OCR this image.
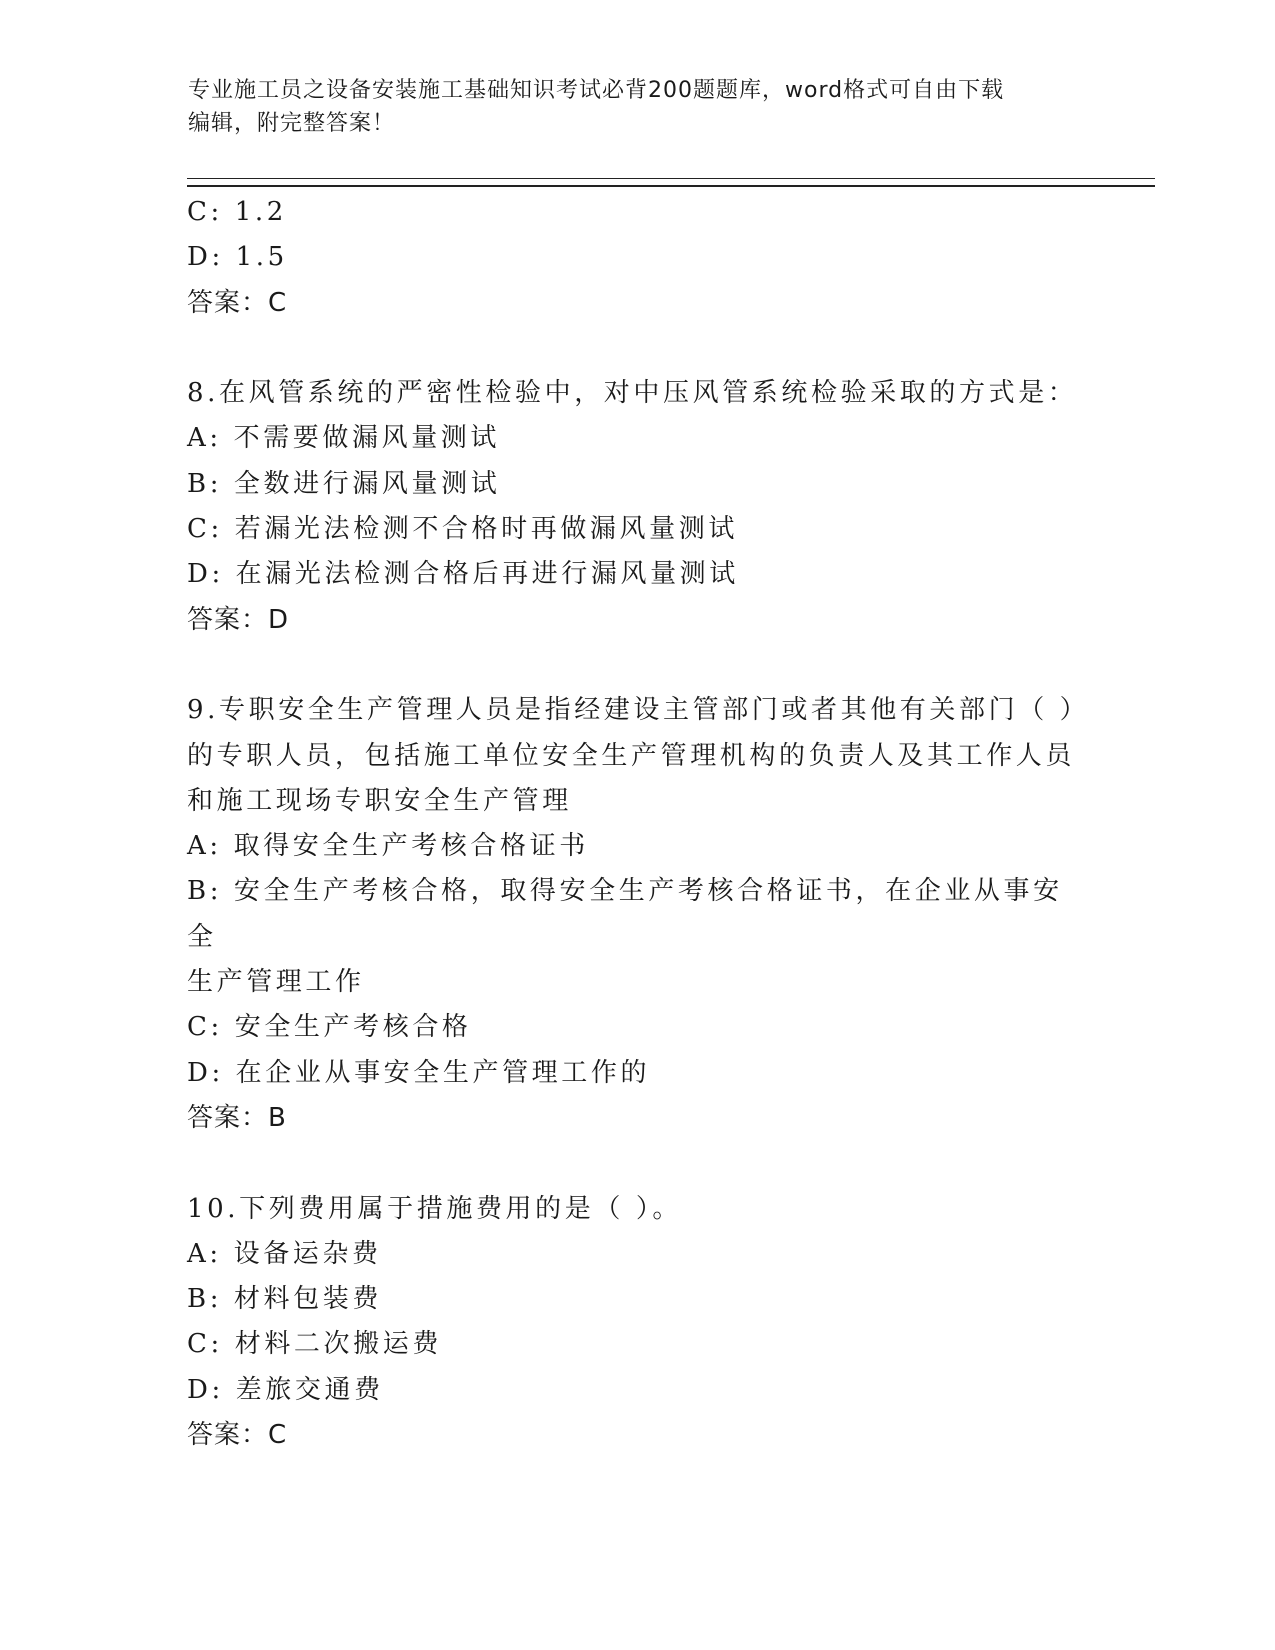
专业施工员之设备安装施工基础知识考试必背200题题库，word格式可自由下载
编辑，附完整答案！
C: 1.2
D: 1.5
答案：C
8.在风管系统的严密性检验中，对中压风管系统检验采取的方式是：
A: 不需要做漏风量测试
B: 全数进行漏风量测试
C: 若漏光法检测不合格时再做漏风量测试
D: 在漏光法检测合格后再进行漏风量测试
答案：D
9.专职安全生产管理人员是指经建设主管部门或者其他有关部门（ ）
的专职人员，包括施工单位安全生产管理机构的负责人及其工作人员
和施工现场专职安全生产管理
A: 取得安全生产考核合格证书
B: 安全生产考核合格，取得安全生产考核合格证书，在企业从事安全
生产管理工作
C: 安全生产考核合格
D: 在企业从事安全生产管理工作的
答案：B
10.下列费用属于措施费用的是（ ）。
A: 设备运杂费
B: 材料包装费
C: 材料二次搬运费
D: 差旅交通费
答案：C
